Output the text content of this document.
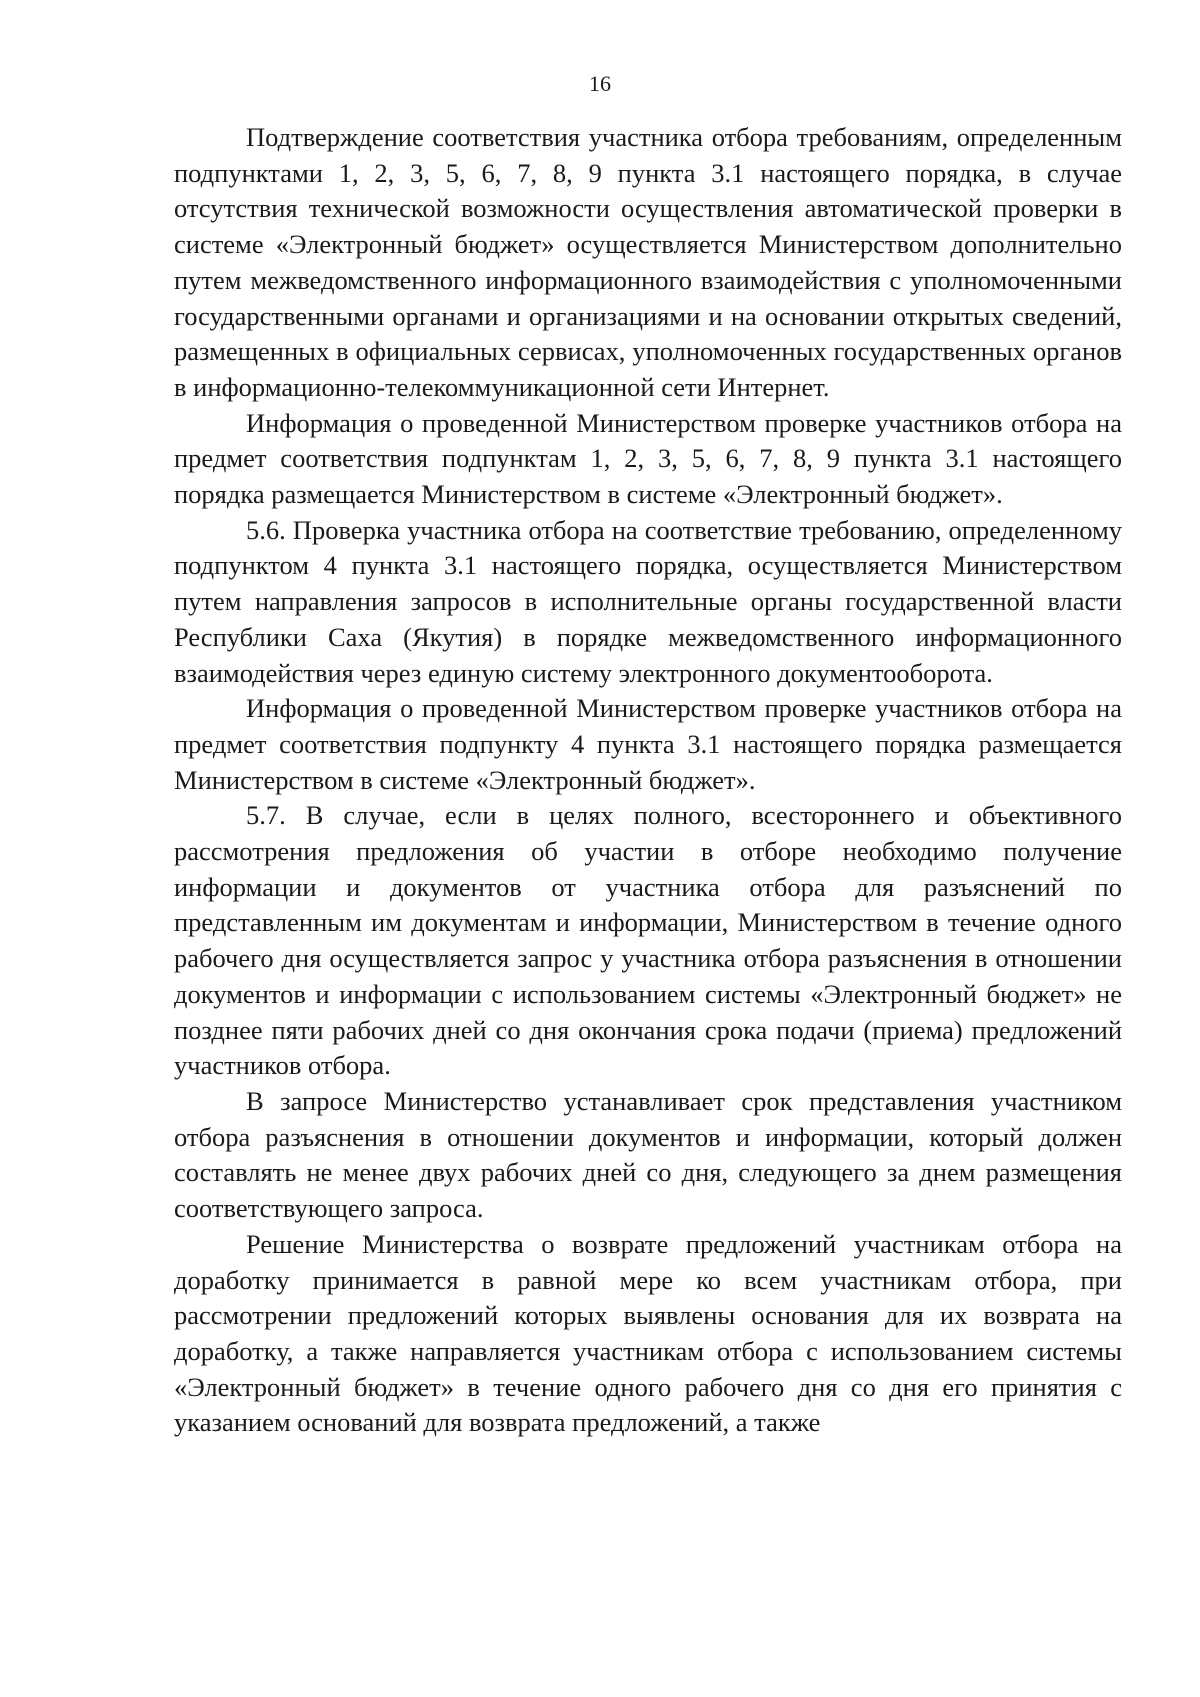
16

Подтверждение соответствия участника отбора требованиям, определенным подпунктами 1, 2, 3, 5, 6, 7, 8, 9 пункта 3.1 настоящего порядка, в случае отсутствия технической возможности осуществления автоматической проверки в системе «Электронный бюджет» осуществляется Министерством дополнительно путем межведомственного информационного взаимодействия с уполномоченными государственными органами и организациями и на основании открытых сведений, размещенных в официальных сервисах, уполномоченных государственных органов в информационно-телекоммуникационной сети Интернет.

Информация о проведенной Министерством проверке участников отбора на предмет соответствия подпунктам 1, 2, 3, 5, 6, 7, 8, 9 пункта 3.1 настоящего порядка размещается Министерством в системе «Электронный бюджет».

5.6. Проверка участника отбора на соответствие требованию, определенному подпунктом 4 пункта 3.1 настоящего порядка, осуществляется Министерством путем направления запросов в исполнительные органы государственной власти Республики Саха (Якутия) в порядке межведомственного информационного взаимодействия через единую систему электронного документооборота.

Информация о проведенной Министерством проверке участников отбора на предмет соответствия подпункту 4 пункта 3.1 настоящего порядка размещается Министерством в системе «Электронный бюджет».

5.7. В случае, если в целях полного, всестороннего и объективного рассмотрения предложения об участии в отборе необходимо получение информации и документов от участника отбора для разъяснений по представленным им документам и информации, Министерством в течение одного рабочего дня осуществляется запрос у участника отбора разъяснения в отношении документов и информации с использованием системы «Электронный бюджет» не позднее пяти рабочих дней со дня окончания срока подачи (приема) предложений участников отбора.

В запросе Министерство устанавливает срок представления участником отбора разъяснения в отношении документов и информации, который должен составлять не менее двух рабочих дней со дня, следующего за днем размещения соответствующего запроса.

Решение Министерства о возврате предложений участникам отбора на доработку принимается в равной мере ко всем участникам отбора, при рассмотрении предложений которых выявлены основания для их возврата на доработку, а также направляется участникам отбора с использованием системы «Электронный бюджет» в течение одного рабочего дня со дня его принятия с указанием оснований для возврата предложений, а также
